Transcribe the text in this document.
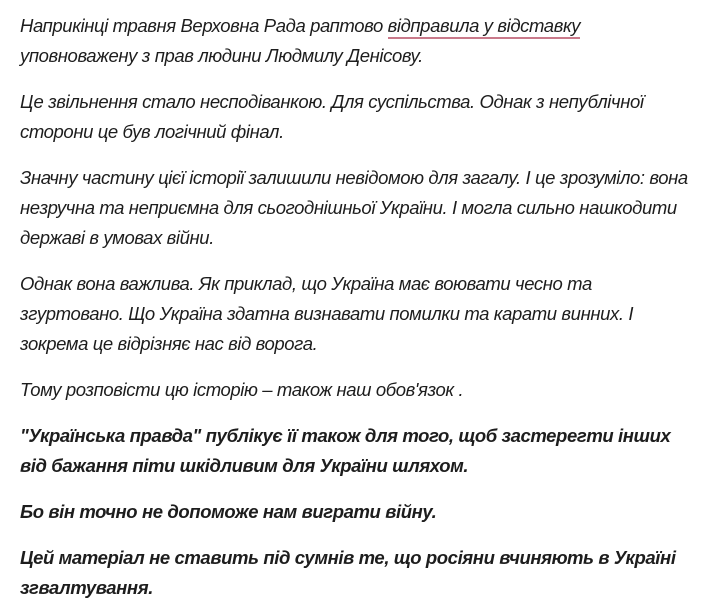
Наприкінці травня Верховна Рада раптово відправила у відставку уповноважену з прав людини Людмилу Денісову.

Це звільнення стало несподіванкою. Для суспільства. Однак з непублічної сторони це був логічний фінал.

Значну частину цієї історії залишили невідомою для загалу. І це зрозуміло: вона незручна та неприємна для сьогоднішньої України. І могла сильно нашкодити державі в умовах війни.

Однак вона важлива. Як приклад, що Україна має воювати чесно та згуртовано. Що Україна здатна визнавати помилки та карати винних. І зокрема це відрізняє нас від ворога.

Тому розповісти цю історію – також наш обов'язок .

"Українська правда" публікує її також для того, щоб застерегти інших від бажання піти шкідливим для України шляхом.

Бо він точно не допоможе нам виграти війну.

Цей матеріал не ставить під сумнів те, що росіяни вчиняють в Україні згвалтування.
